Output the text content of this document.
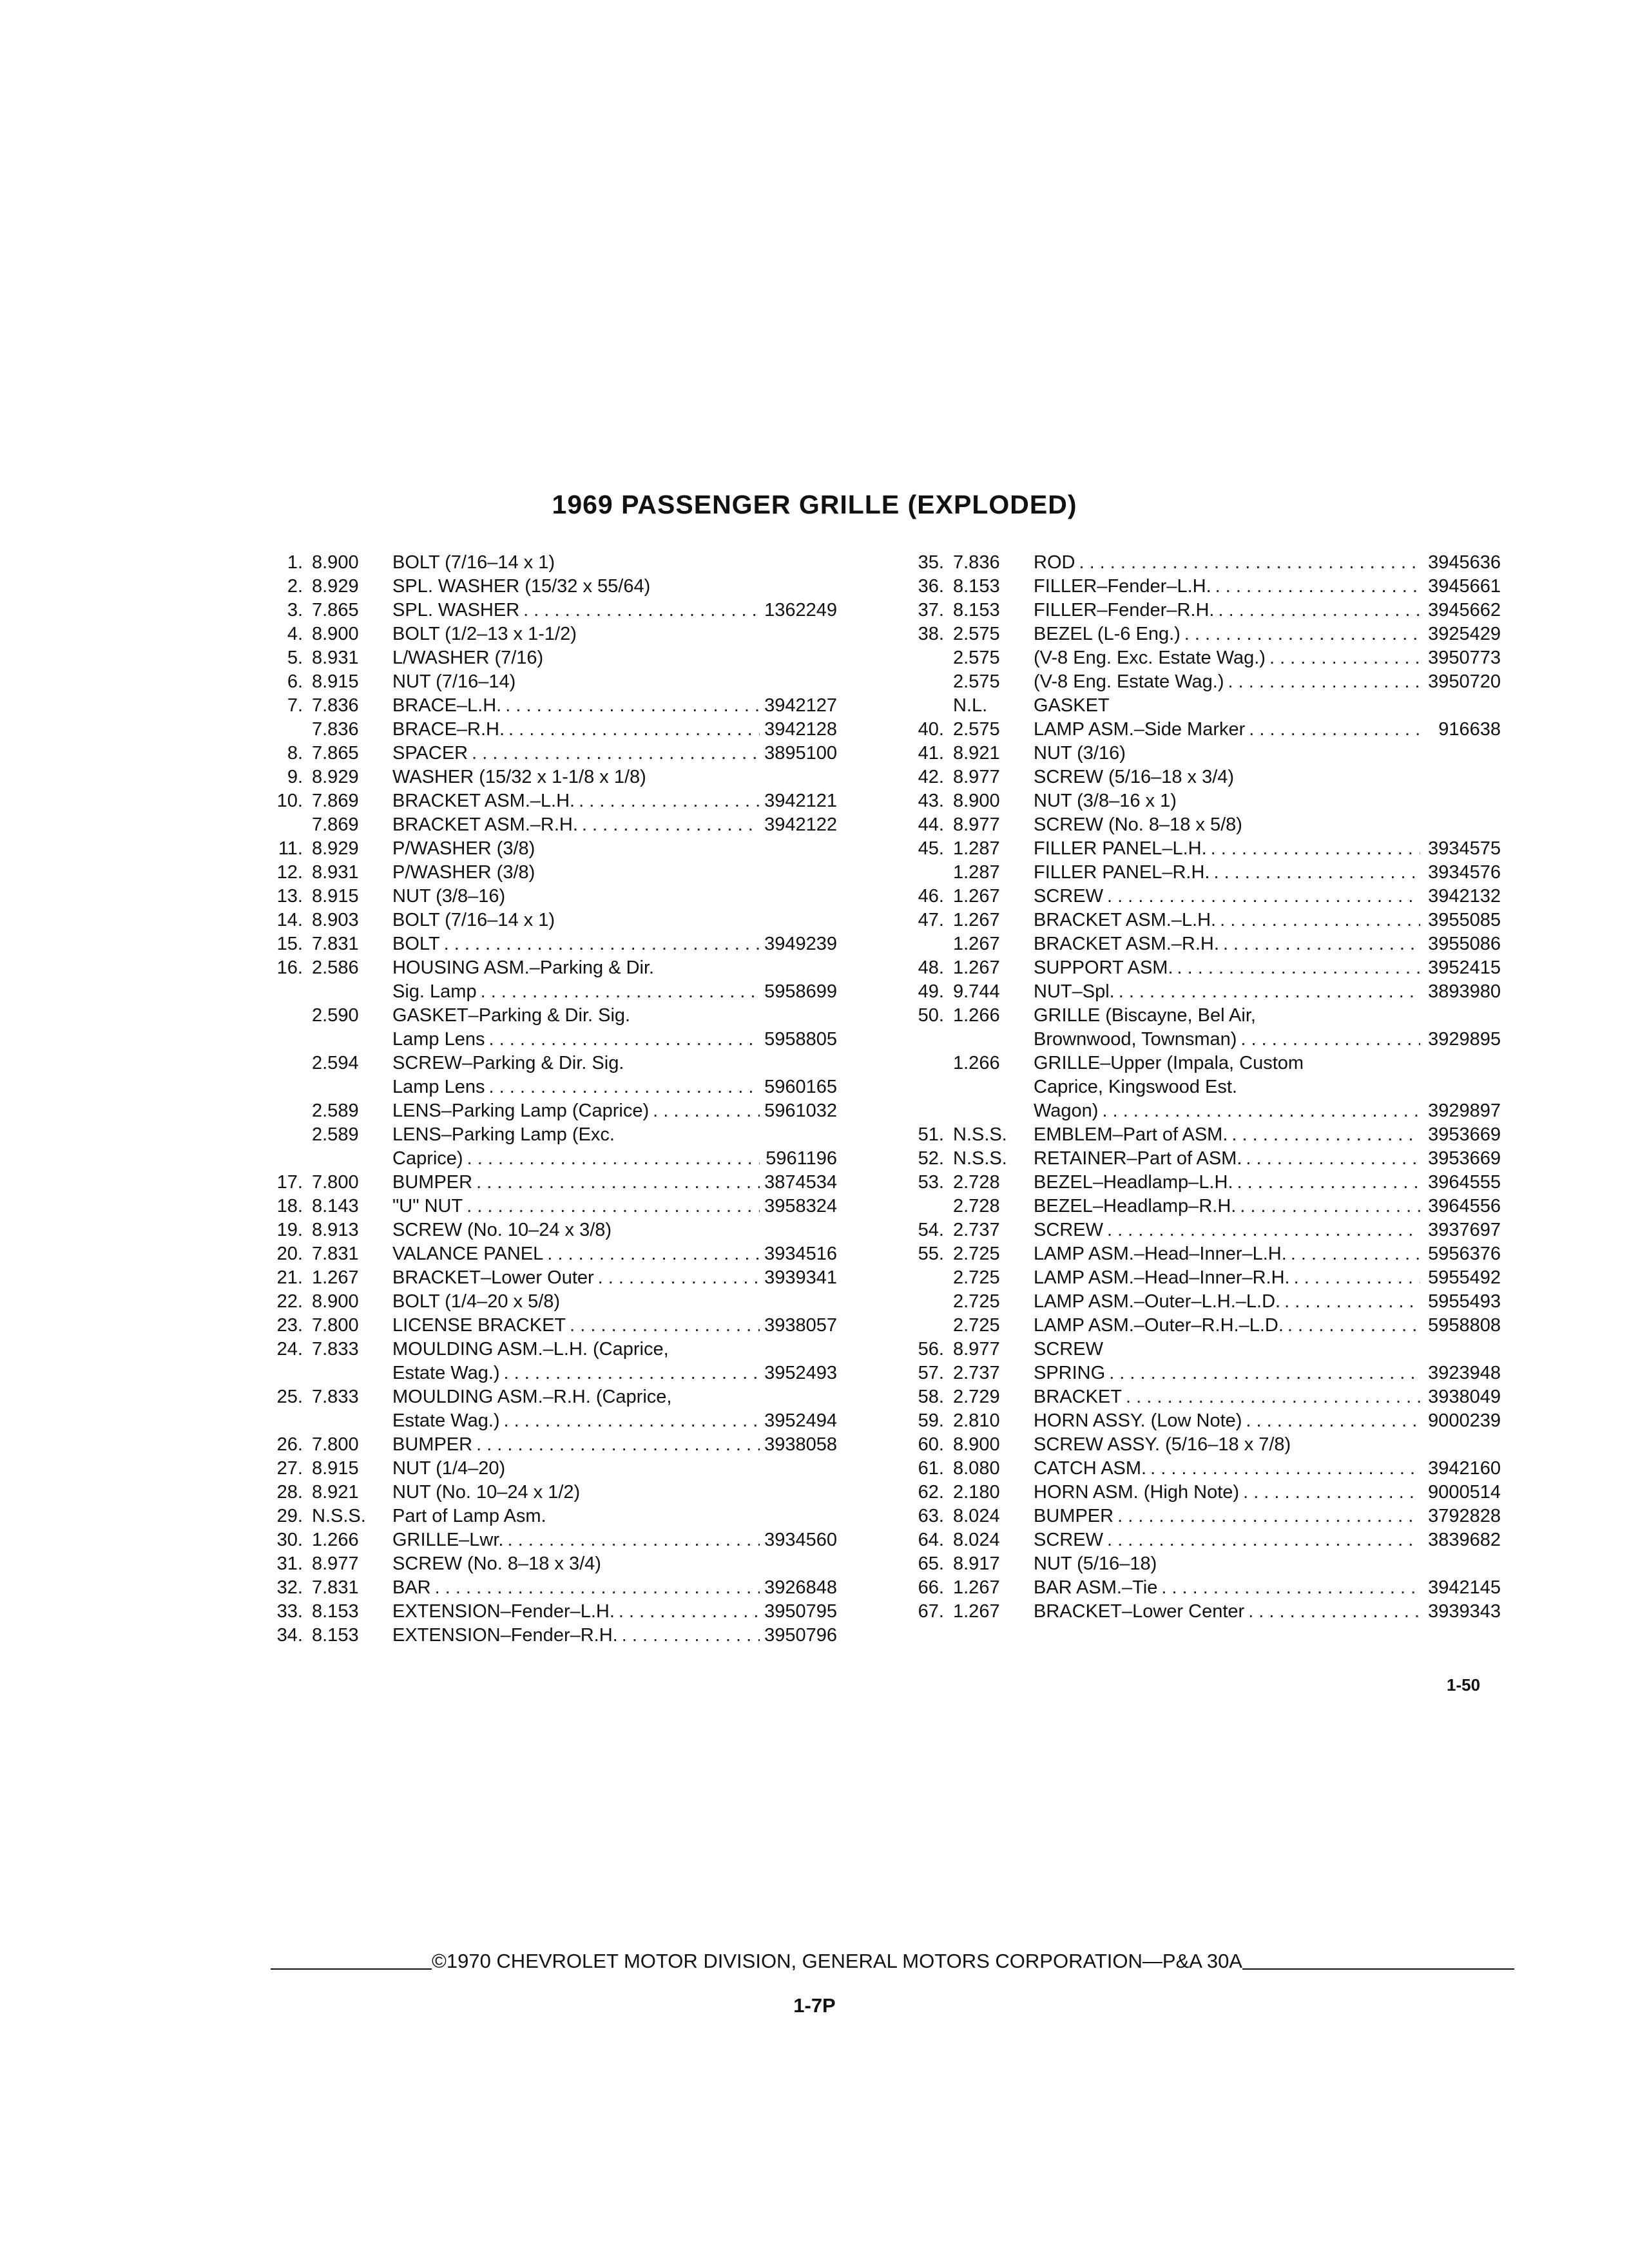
1969 PASSENGER GRILLE (EXPLODED)
1. 8.900	BOLT (7/16–14 x 1)
2. 8.929	SPL. WASHER (15/32 x 55/64)
3. 7.865	SPL. WASHER . . .	1362249
4. 8.900	BOLT (1/2–13 x 1-1/2)
5. 8.931	L/WASHER (7/16)
6. 8.915	NUT (7/16–14)
7. 7.836	BRACE–L.H. . . .	3942127
7.836	BRACE–R.H. . . .	3942128
8. 7.865	SPACER . . .	3895100
9. 8.929	WASHER (15/32 x 1-1/8 x 1/8)
10. 7.869	BRACKET ASM.–L.H. . . .	3942121
7.869	BRACKET ASM.–R.H. . . .	3942122
11. 8.929	P/WASHER (3/8)
12. 8.931	P/WASHER (3/8)
13. 8.915	NUT (3/8–16)
14. 8.903	BOLT (7/16–14 x 1)
15. 7.831	BOLT . . .	3949239
16. 2.586	HOUSING ASM.–Parking & Dir.
Sig. Lamp . . .	5958699
2.590	GASKET–Parking & Dir. Sig.
Lamp Lens . . .	5958805
2.594	SCREW–Parking & Dir. Sig.
Lamp Lens . . .	5960165
2.589	LENS–Parking Lamp (Caprice) . . .	5961032
2.589	LENS–Parking Lamp (Exc.
Caprice) . . .	5961196
17. 7.800	BUMPER . . .	3874534
18. 8.143	"U" NUT . . .	3958324
19. 8.913	SCREW (No. 10–24 x 3/8)
20. 7.831	VALANCE PANEL . . .	3934516
21. 1.267	BRACKET–Lower Outer . . .	3939341
22. 8.900	BOLT (1/4–20 x 5/8)
23. 7.800	LICENSE BRACKET . . .	3938057
24. 7.833	MOULDING ASM.–L.H. (Caprice,
Estate Wag.) . . .	3952493
25. 7.833	MOULDING ASM.–R.H. (Caprice,
Estate Wag.) . . .	3952494
26. 7.800	BUMPER . . .	3938058
27. 8.915	NUT (1/4–20)
28. 8.921	NUT (No. 10–24 x 1/2)
29. N.S.S.	Part of Lamp Asm.
30. 1.266	GRILLE–Lwr. . . .	3934560
31. 8.977	SCREW (No. 8–18 x 3/4)
32. 7.831	BAR . . .	3926848
33. 8.153	EXTENSION–Fender–L.H. . . .	3950795
34. 8.153	EXTENSION–Fender–R.H. . . .	3950796
35. 7.836	ROD . . .	3945636
36. 8.153	FILLER–Fender–L.H. . . .	3945661
37. 8.153	FILLER–Fender–R.H. . . .	3945662
38. 2.575	BEZEL (L-6 Eng.) . . .	3925429
2.575	(V-8 Eng. Exc. Estate Wag.) . . .	3950773
2.575	(V-8 Eng. Estate Wag.) . . .	3950720
N.L.	GASKET
40. 2.575	LAMP ASM.–Side Marker . . .	916638
41. 8.921	NUT (3/16)
42. 8.977	SCREW (5/16–18 x 3/4)
43. 8.900	NUT (3/8–16 x 1)
44. 8.977	SCREW (No. 8–18 x 5/8)
45. 1.287	FILLER PANEL–L.H. . . .	3934575
1.287	FILLER PANEL–R.H. . . .	3934576
46. 1.267	SCREW . . .	3942132
47. 1.267	BRACKET ASM.–L.H. . . .	3955085
1.267	BRACKET ASM.–R.H. . . .	3955086
48. 1.267	SUPPORT ASM. . . .	3952415
49. 9.744	NUT–Spl. . . .	3893980
50. 1.266	GRILLE (Biscayne, Bel Air,
Brownwood, Townsman) . . .	3929895
1.266	GRILLE–Upper (Impala, Custom
Caprice, Kingswood Est.
Wagon) . . .	3929897
51. N.S.S.	EMBLEM–Part of ASM. . . .	3953669
52. N.S.S.	RETAINER–Part of ASM. . . .	3953669
53. 2.728	BEZEL–Headlamp–L.H. . . .	3964555
2.728	BEZEL–Headlamp–R.H. . . .	3964556
54. 2.737	SCREW . . .	3937697
55. 2.725	LAMP ASM.–Head–Inner–L.H. . . .	5956376
2.725	LAMP ASM.–Head–Inner–R.H. . . .	5955492
2.725	LAMP ASM.–Outer–L.H.–L.D. . . .	5955493
2.725	LAMP ASM.–Outer–R.H.–L.D. . . .	5958808
56. 8.977	SCREW
57. 2.737	SPRING . . .	3923948
58. 2.729	BRACKET . . .	3938049
59. 2.810	HORN ASSY. (Low Note) . . .	9000239
60. 8.900	SCREW ASSY. (5/16–18 x 7/8)
61. 8.080	CATCH ASM. . . .	3942160
62. 2.180	HORN ASM. (High Note) . . .	9000514
63. 8.024	BUMPER . . .	3792828
64. 8.024	SCREW . . .	3839682
65. 8.917	NUT (5/16–18)
66. 1.267	BAR ASM.–Tie . . .	3942145
67. 1.267	BRACKET–Lower Center . . .	3939343
1-50
©1970 CHEVROLET MOTOR DIVISION, GENERAL MOTORS CORPORATION—P&A 30A
1-7P
